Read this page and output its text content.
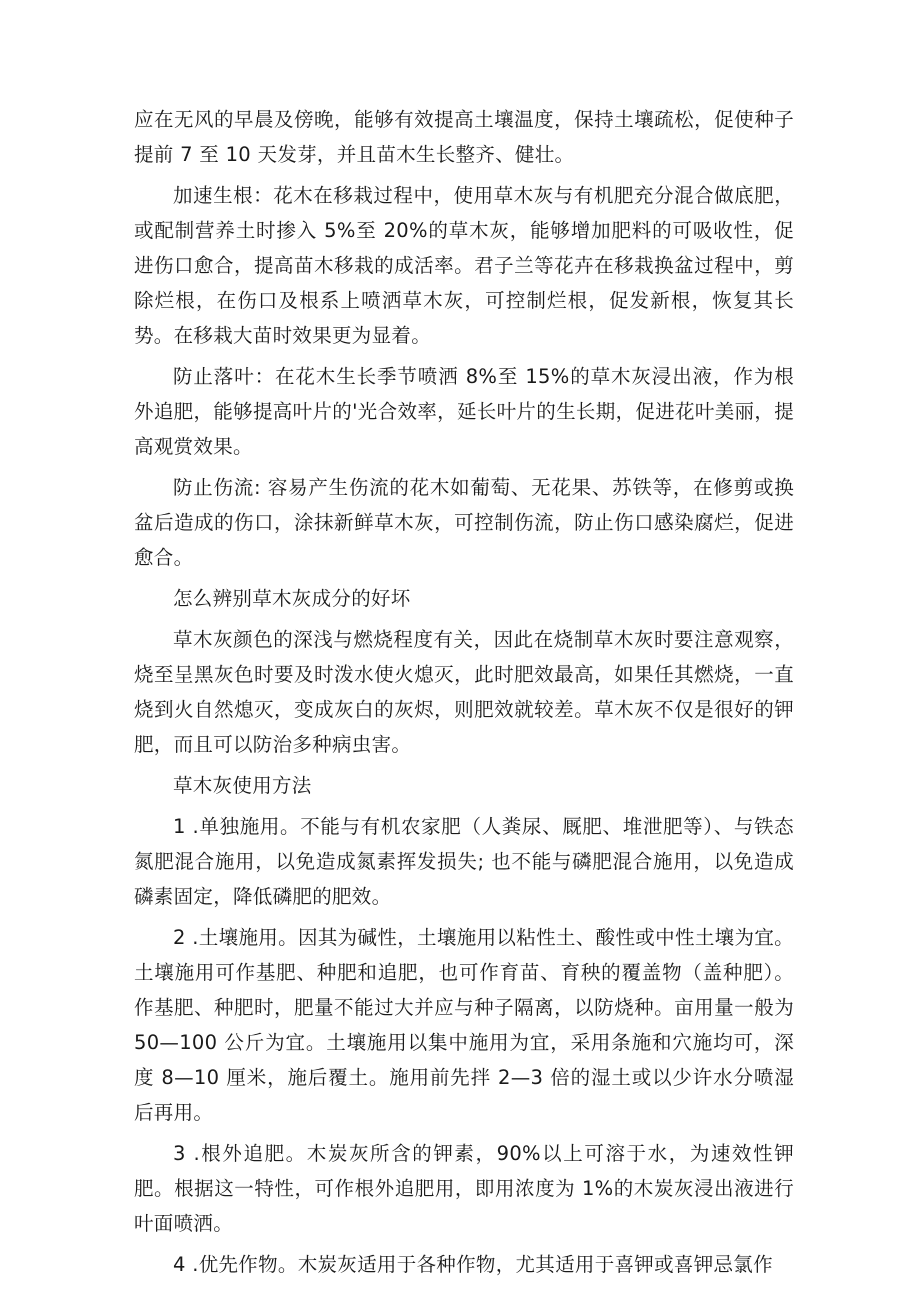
应在无风的早晨及傍晚，能够有效提高土壤温度，保持土壤疏松，促使种子提前 7 至 10 天发芽，并且苗木生长整齐、健壮。

加速生根：花木在移栽过程中，使用草木灰与有机肥充分混合做底肥，或配制营养土时掺入 5%至 20%的草木灰，能够增加肥料的可吸收性，促进伤口愈合，提高苗木移栽的成活率。君子兰等花卉在移栽换盆过程中，剪除烂根，在伤口及根系上喷洒草木灰，可控制烂根，促发新根，恢复其长势。在移栽大苗时效果更为显着。

防止落叶：在花木生长季节喷洒 8%至 15%的草木灰浸出液，作为根外追肥，能够提高叶片的'光合效率，延长叶片的生长期，促进花叶美丽，提高观赏效果。

防止伤流: 容易产生伤流的花木如葡萄、无花果、苏铁等，在修剪或换盆后造成的伤口，涂抹新鲜草木灰，可控制伤流，防止伤口感染腐烂，促进愈合。

怎么辨别草木灰成分的好坏

草木灰颜色的深浅与燃烧程度有关，因此在烧制草木灰时要注意观察，烧至呈黑灰色时要及时泼水使火熄灭，此时肥效最高，如果任其燃烧，一直烧到火自然熄灭，变成灰白的灰烬，则肥效就较差。草木灰不仅是很好的钾肥，而且可以防治多种病虫害。

草木灰使用方法

1 .单独施用。不能与有机农家肥（人粪尿、厩肥、堆泄肥等）、与铁态氮肥混合施用，以免造成氮素挥发损失; 也不能与磷肥混合施用，以免造成磷素固定，降低磷肥的肥效。

2 .土壤施用。因其为碱性，土壤施用以粘性土、酸性或中性土壤为宜。土壤施用可作基肥、种肥和追肥，也可作育苗、育秧的覆盖物（盖种肥）。作基肥、种肥时，肥量不能过大并应与种子隔离，以防烧种。亩用量一般为 50—100 公斤为宜。土壤施用以集中施用为宜，采用条施和穴施均可，深度 8—10 厘米，施后覆土。施用前先拌 2—3 倍的湿土或以少许水分喷湿后再用。

3 .根外追肥。木炭灰所含的钾素，90%以上可溶于水，为速效性钾肥。根据这一特性，可作根外追肥用，即用浓度为 1%的木炭灰浸出液进行叶面喷洒。

4 .优先作物。木炭灰适用于各种作物，尤其适用于喜钾或喜钾忌氯作
